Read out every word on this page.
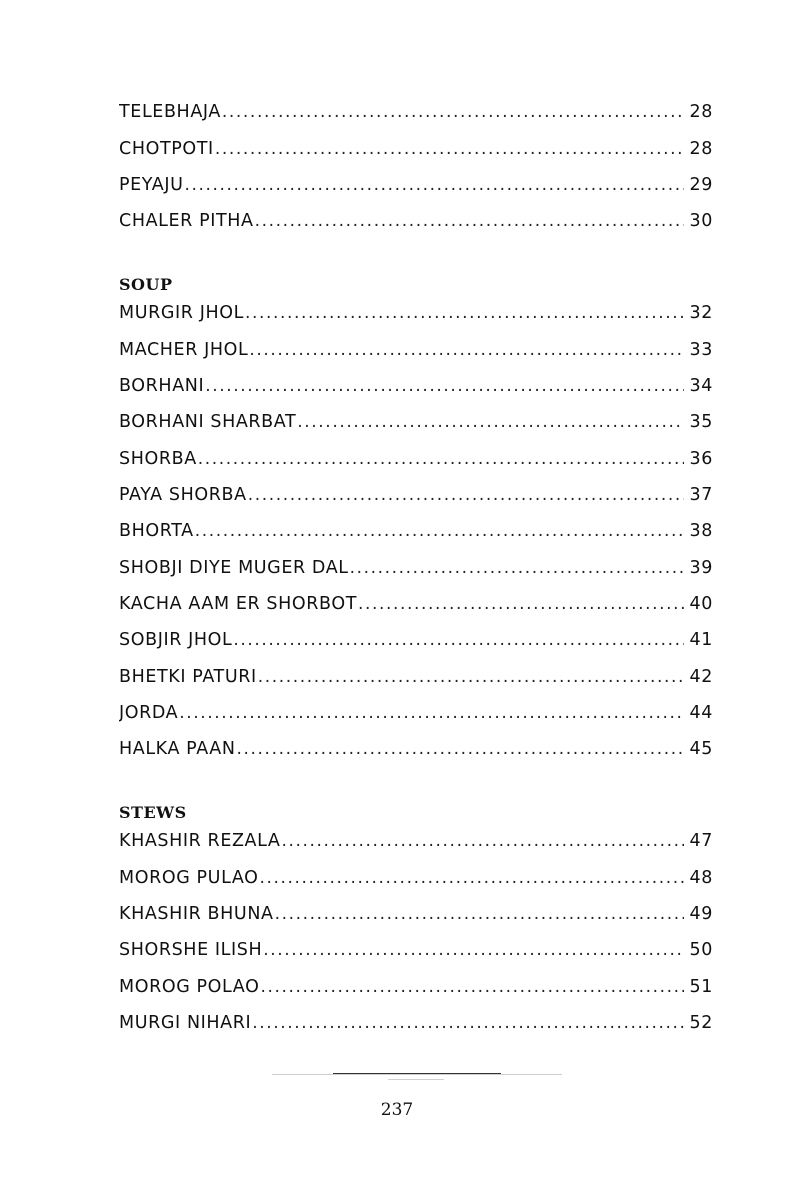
TELEBHAJA .....	28
CHOTPOTI .....	28
PEYAJU .....	29
CHALER PITHA .....	30
SOUP
MURGIR JHOL .....	32
MACHER JHOL .....	33
BORHANI .....	34
BORHANI SHARBAT .....	35
SHORBA .....	36
PAYA SHORBA .....	37
BHORTA .....	38
SHOBJI DIYE MUGER DAL .....	39
KACHA AAM ER SHORBOT .....	40
SOBJIR JHOL .....	41
BHETKI PATURI .....	42
JORDA .....	44
HALKA PAAN .....	45
STEWS
KHASHIR REZALA .....	47
MOROG PULAO .....	48
KHASHIR BHUNA .....	49
SHORSHE ILISH .....	50
MOROG POLAO .....	51
MURGI NIHARI .....	52
237
